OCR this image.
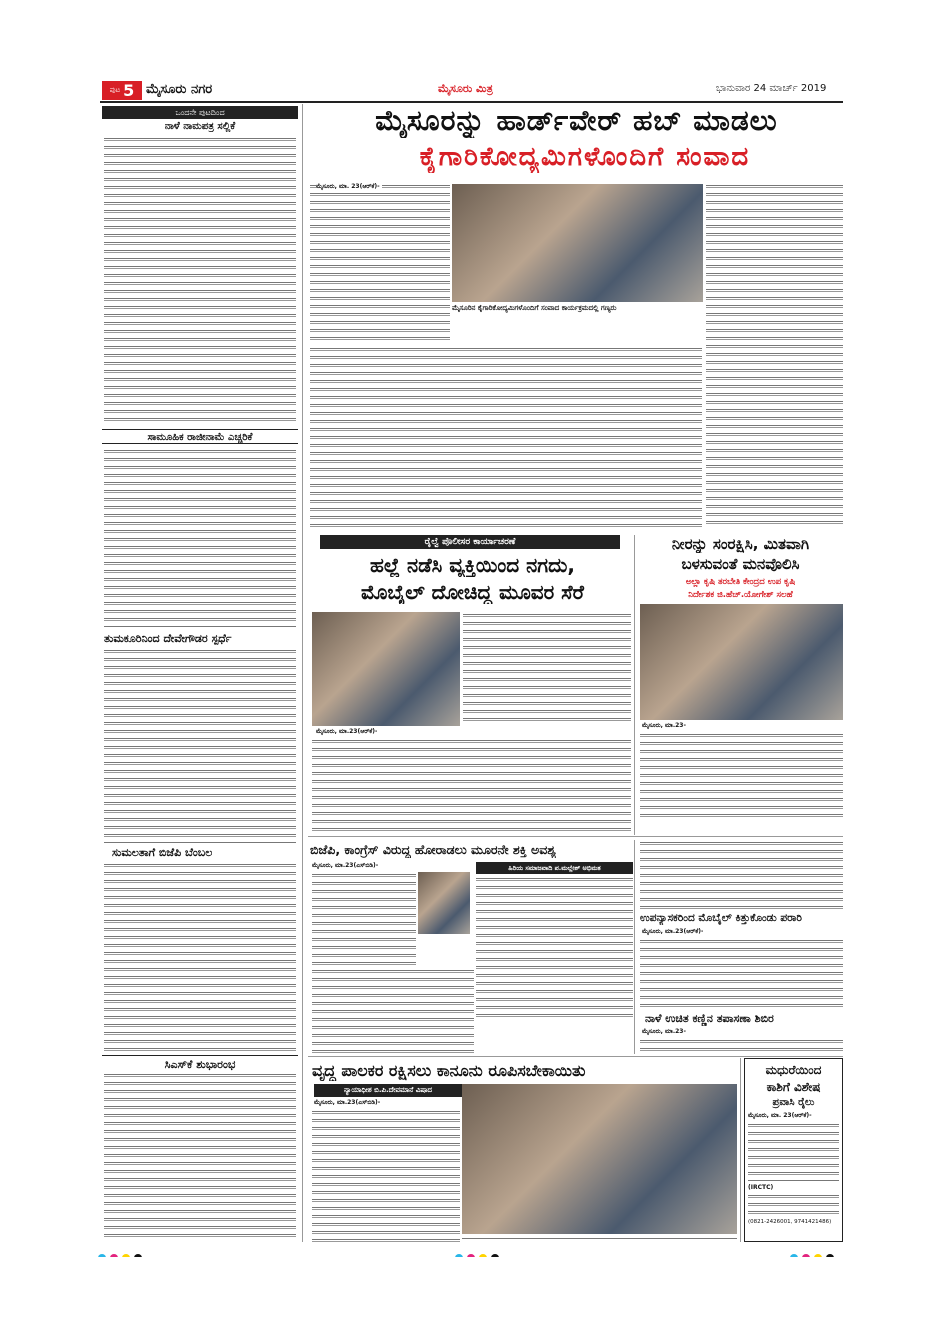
ಪುಟ 5 ಮೈಸೂರು ನಗರ	ಮೈಸೂರು ಮಿತ್ರ	ಭಾನುವಾರ 24 ಮಾರ್ಚ್ 2019
ಒಂದನೇ ಪುಟದಿಂದ
ನಾಳೆ ನಾಮಪತ್ರ ಸಲ್ಲಿಕೆ
ಸಾಮೂಹಿಕ ರಾಜೀನಾಮೆ ಎಚ್ಚರಿಕೆ
ತುಮಕೂರಿನಿಂದ ದೇವೇಗೌಡರ ಸ್ಪರ್ಧೆ
ಸುಮಲತಾಗೆ ಬಿಜೆಪಿ ಬೆಂಬಲ
ಸಿಎಸ್‌ಕೆ ಶುಭಾರಂಭ
ಮೈಸೂರನ್ನು ಹಾರ್ಡ್‌ವೇರ್ ಹಬ್ ಮಾಡಲು
ಕೈಗಾರಿಕೋದ್ಯಮಿಗಳೊಂದಿಗೆ ಸಂವಾದ
ಮೈಸೂರು, ಮಾ. 23(ಆರ್‌ಕೆ)-
ಮೈಸೂರಿನ ಕೈಗಾರಿಕೋದ್ಯಮಿಗಳೊಂದಿಗೆ ಸಂವಾದ ಕಾರ್ಯಕ್ರಮದಲ್ಲಿ ಗಣ್ಯರು
ರೈಲ್ವೆ ಪೊಲೀಸರ ಕಾರ್ಯಾಚರಣೆ
ಹಲ್ಲೆ ನಡೆಸಿ ವ್ಯಕ್ತಿಯಿಂದ ನಗದು,
ಮೊಬೈಲ್ ದೋಚಿದ್ದ ಮೂವರ ಸೆರೆ
ಮೈಸೂರು, ಮಾ.23(ಆರ್‌ಕೆ)-
ನೀರನ್ನು ಸಂರಕ್ಷಿಸಿ, ಮಿತವಾಗಿ
ಬಳಸುವಂತೆ ಮನವೊಲಿಸಿ
ಅಲ್ಲಾ ಕೃಷಿ ತರಬೇತಿ ಕೇಂದ್ರದ ಉಪ ಕೃಷಿ
ನಿರ್ದೇಶಕ ಜಿ.ಹೆಚ್.ಯೋಗೇಶ್ ಸಲಹೆ
ಮೈಸೂರು, ಮಾ.23-
ಬಿಜೆಪಿ, ಕಾಂಗ್ರೆಸ್ ವಿರುದ್ಧ ಹೋರಾಡಲು ಮೂರನೇ ಶಕ್ತಿ ಅವಶ್ಯ
ಮೈಸೂರು, ಮಾ.23(ಎಸ್‌ಬಿಡಿ)-	ಹಿರಿಯ ಸಮಾಜವಾದಿ ಪ.ಮಲ್ಲೇಶ್ ಅಭಿಮತ
ಉಪನ್ಯಾಸಕರಿಂದ ಮೊಬೈಲ್ ಕಿತ್ತುಕೊಂಡು ಪರಾರಿ
ಮೈಸೂರು, ಮಾ.23(ಆರ್‌ಕೆ)-
ನಾಳೆ ಉಚಿತ ಕಣ್ಣಿನ ತಪಾಸಣಾ ಶಿಬಿರ
ಮೈಸೂರು, ಮಾ.23-
ವೃದ್ಧ ಪಾಲಕರ ರಕ್ಷಿಸಲು ಕಾನೂನು ರೂಪಿಸಬೇಕಾಯಿತು
ನ್ಯಾಯಾಧೀಶ ಬಿ.ಪಿ.ದೇವಮಾನೆ ವಿಷಾದ
ಮೈಸೂರು, ಮಾ.23(ಎಸ್‌ಬಿಡಿ)-
ಮಧುರೆಯಿಂದ
ಕಾಶಿಗೆ ವಿಶೇಷ
ಪ್ರವಾಸಿ ರೈಲು
ಮೈಸೂರು, ಮಾ. 23(ಆರ್‌ಕೆ)-
(IRCTC)
(0821-2426001, 9741421486)
